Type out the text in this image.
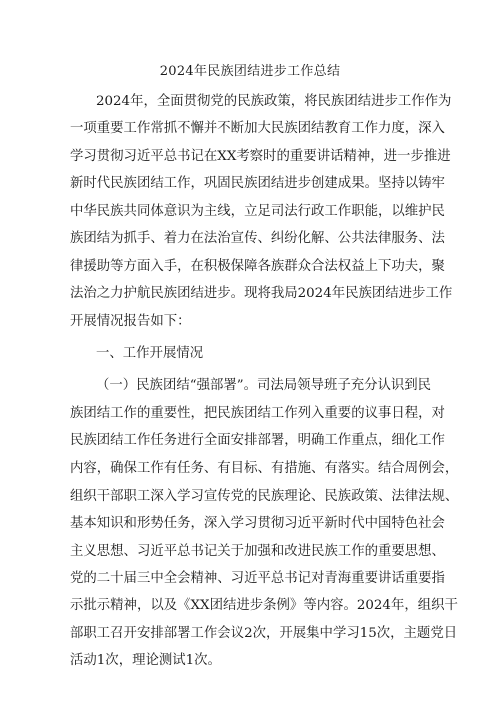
2024年民族团结进步工作总结
2024年，全面贯彻党的民族政策，将民族团结进步工作作为
一项重要工作常抓不懈并不断加大民族团结教育工作力度，深入
学习贯彻习近平总书记在XX考察时的重要讲话精神，进一步推进
新时代民族团结工作，巩固民族团结进步创建成果。坚持以铸牢
中华民族共同体意识为主线，立足司法行政工作职能，以维护民
族团结为抓手、着力在法治宣传、纠纷化解、公共法律服务、法
律援助等方面入手，在积极保障各族群众合法权益上下功夫，聚
法治之力护航民族团结进步。现将我局2024年民族团结进步工作
开展情况报告如下：
一、工作开展情况
（一）民族团结“强部署”。司法局领导班子充分认识到民
族团结工作的重要性，把民族团结工作列入重要的议事日程，对
民族团结工作任务进行全面安排部署，明确工作重点，细化工作
内容，确保工作有任务、有目标、有措施、有落实。结合周例会，
组织干部职工深入学习宣传党的民族理论、民族政策、法律法规、
基本知识和形势任务，深入学习贯彻习近平新时代中国特色社会
主义思想、习近平总书记关于加强和改进民族工作的重要思想、
党的二十届三中全会精神、习近平总书记对青海重要讲话重要指
示批示精神，以及《XX团结进步条例》等内容。2024年，组织干
部职工召开安排部署工作会议2次，开展集中学习15次，主题党日
活动1次，理论测试1次。
